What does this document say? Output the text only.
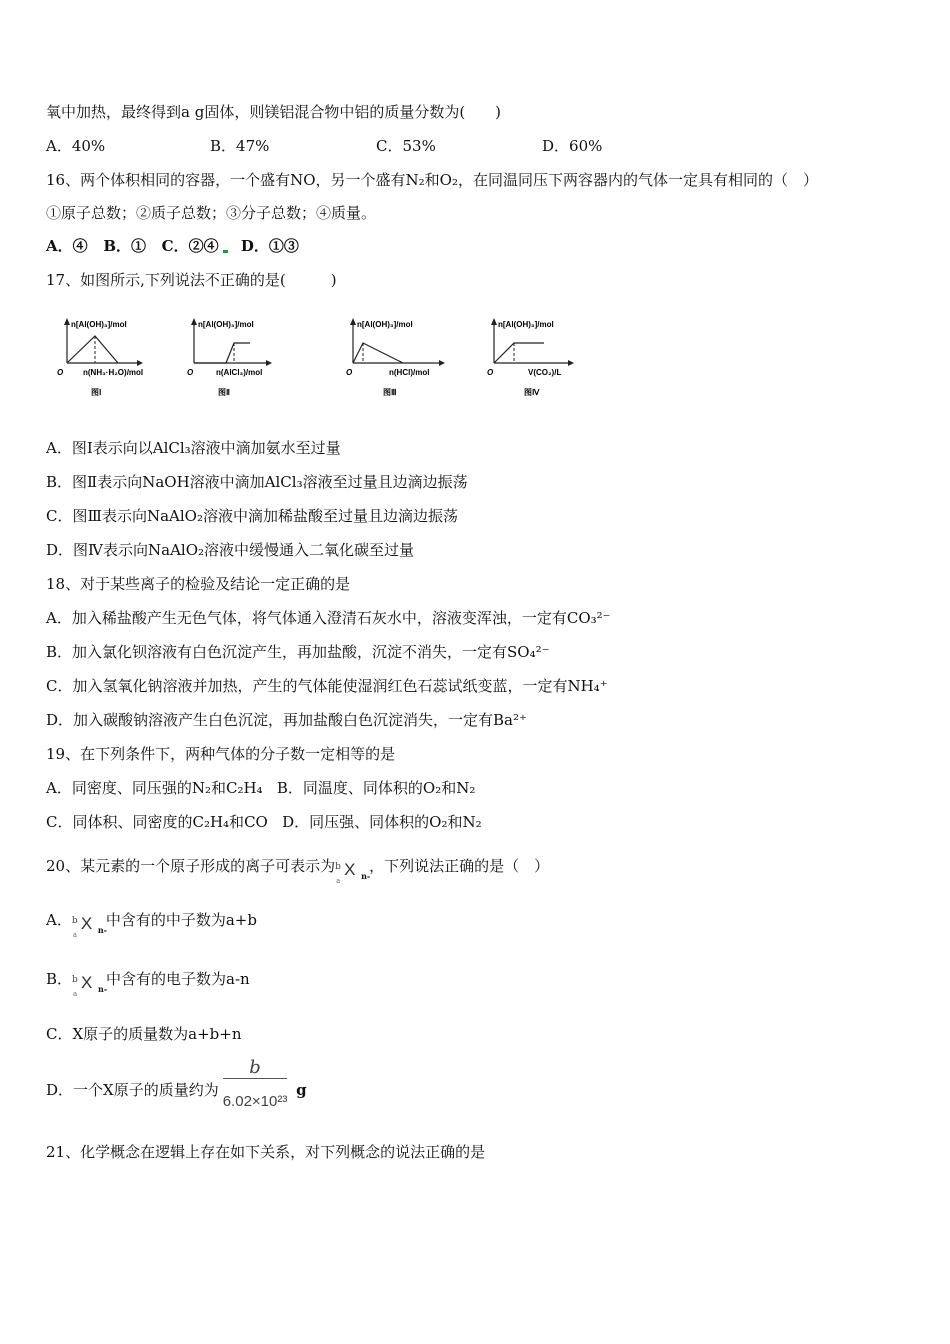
氧中加热，最终得到a g固体，则镁铝混合物中铝的质量分数为(　　)
A．40%	B．47%	C．53%	D．60%
16、两个体积相同的容器，一个盛有NO，另一个盛有N₂和O₂，在同温同压下两容器内的气体一定具有相同的（　）
①原子总数；②质子总数；③分子总数；④质量。
A．④ B．① C．②④ D．①③
17、如图所示,下列说法不正确的是(　　　)
n[Al(OH)₃]/mol
O n(NH₃·H₂O)/mol
图Ⅰ
n[Al(OH)₃]/mol
O	n(AlCl₃)/mol
图Ⅱ
n[Al(OH)₃]/mol
O	n(HCl)/mol
图Ⅲ
n[Al(OH)₃]/mol
O	V(CO₂)/L
图Ⅳ
A．图Ⅰ表示向以AlCl₃溶液中滴加氨水至过量
B．图Ⅱ表示向NaOH溶液中滴加AlCl₃溶液至过量且边滴边振荡
C．图Ⅲ表示向NaAlO₂溶液中滴加稀盐酸至过量且边滴边振荡
D．图Ⅳ表示向NaAlO₂溶液中缓慢通入二氧化碳至过量
18、对于某些离子的检验及结论一定正确的是
A．加入稀盐酸产生无色气体，将气体通入澄清石灰水中，溶液变浑浊，一定有CO₃²⁻
B．加入氯化钡溶液有白色沉淀产生，再加盐酸，沉淀不消失，一定有SO₄²⁻
C．加入氢氧化钠溶液并加热，产生的气体能使湿润红色石蕊试纸变蓝，一定有NH₄⁺
D．加入碳酸钠溶液产生白色沉淀，再加盐酸白色沉淀消失，一定有Ba²⁺
19、在下列条件下，两种气体的分子数一定相等的是
A．同密度、同压强的N₂和C₂H₄ B．同温度、同体积的O₂和N₂
C．同体积、同密度的C₂H₄和CO D．同压强、同体积的O₂和N₂
20、某元素的一个原子形成的离子可表示为 b
a
X n-
，下列说法正确的是（　）
A． b
a
X n-
中含有的中子数为a+b
B． b
a
X n-
中含有的电子数为a-n
C．X原子的质量数为a+b+n
D．一个X原子的质量约为 $\frac{b}{\text{6.02×10²³}}$ g
21、化学概念在逻辑上存在如下关系，对下列概念的说法正确的是
